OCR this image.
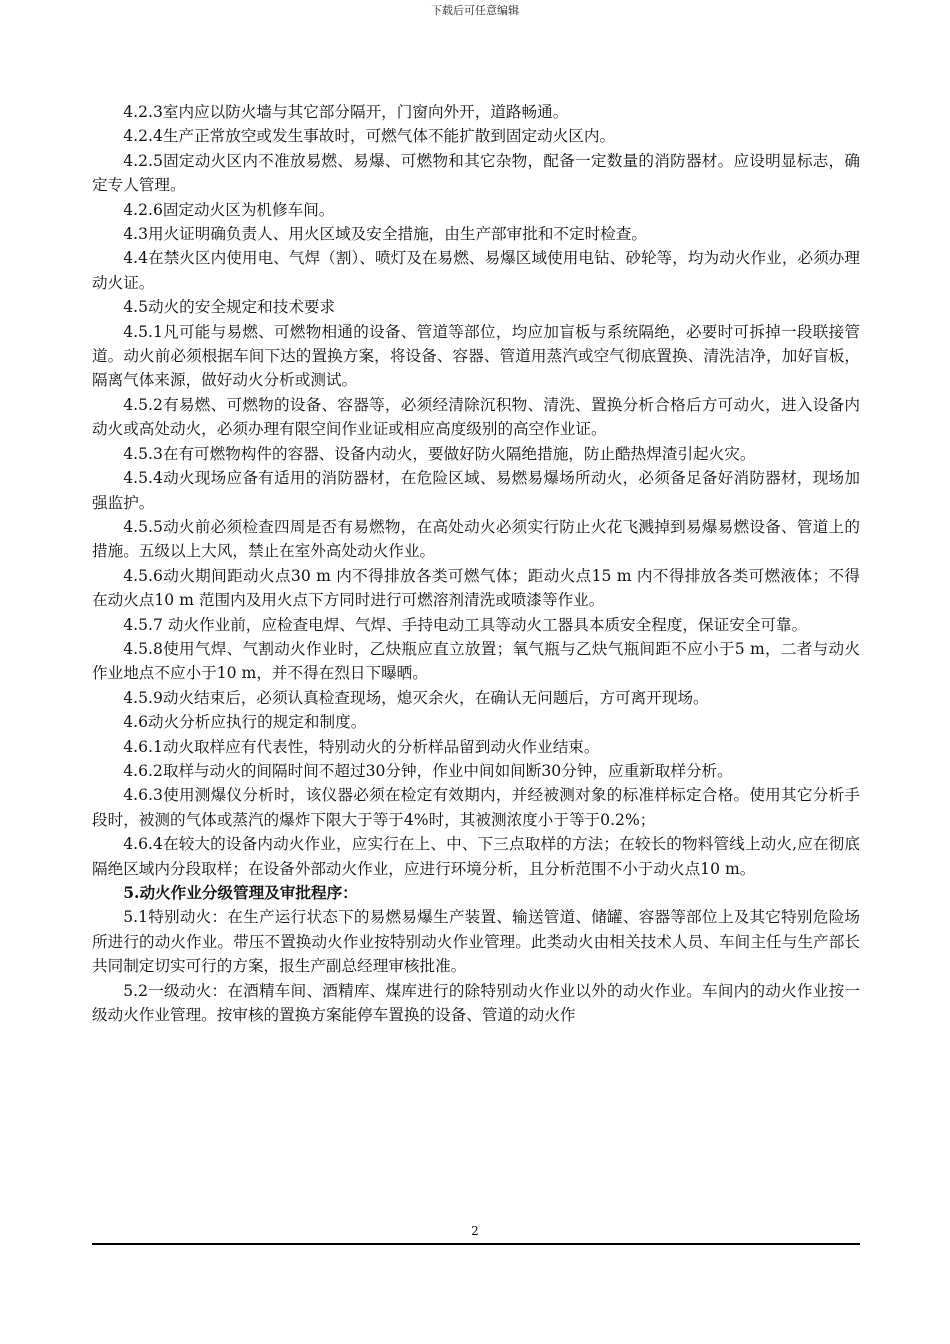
下载后可任意编辑

4.2.3室内应以防火墙与其它部分隔开，门窗向外开，道路畅通。

4.2.4生产正常放空或发生事故时，可燃气体不能扩散到固定动火区内。

4.2.5固定动火区内不准放易燃、易爆、可燃物和其它杂物，配备一定数量的消防器材。应设明显标志，确定专人管理。

4.2.6固定动火区为机修车间。

4.3用火证明确负责人、用火区域及安全措施，由生产部审批和不定时检查。

4.4在禁火区内使用电、气焊（割）、喷灯及在易燃、易爆区域使用电钻、砂轮等，均为动火作业，必须办理动火证。

4.5动火的安全规定和技术要求

4.5.1凡可能与易燃、可燃物相通的设备、管道等部位，均应加盲板与系统隔绝，必要时可拆掉一段联接管道。动火前必须根据车间下达的置换方案，将设备、容器、管道用蒸汽或空气彻底置换、清洗洁净，加好盲板，隔离气体来源，做好动火分析或测试。

4.5.2有易燃、可燃物的设备、容器等，必须经清除沉积物、清洗、置换分析合格后方可动火，进入设备内动火或高处动火，必须办理有限空间作业证或相应高度级别的高空作业证。

4.5.3在有可燃物构件的容器、设备内动火，要做好防火隔绝措施，防止酷热焊渣引起火灾。

4.5.4动火现场应备有适用的消防器材，在危险区域、易燃易爆场所动火，必须备足备好消防器材，现场加强监护。

4.5.5动火前必须检查四周是否有易燃物，在高处动火必须实行防止火花飞溅掉到易爆易燃设备、管道上的措施。五级以上大风，禁止在室外高处动火作业。

4.5.6动火期间距动火点30 m 内不得排放各类可燃气体；距动火点15 m 内不得排放各类可燃液体；不得在动火点10 m 范围内及用火点下方同时进行可燃溶剂清洗或喷漆等作业。

4.5.7 动火作业前，应检查电焊、气焊、手持电动工具等动火工器具本质安全程度，保证安全可靠。

4.5.8使用气焊、气割动火作业时，乙炔瓶应直立放置；氧气瓶与乙炔气瓶间距不应小于5 m，二者与动火作业地点不应小于10 m，并不得在烈日下曝晒。

4.5.9动火结束后，必须认真检查现场，熄灭余火，在确认无问题后，方可离开现场。

4.6动火分析应执行的规定和制度。

4.6.1动火取样应有代表性，特别动火的分析样品留到动火作业结束。

4.6.2取样与动火的间隔时间不超过30分钟，作业中间如间断30分钟，应重新取样分析。

4.6.3使用测爆仪分析时，该仪器必须在检定有效期内，并经被测对象的标准样标定合格。使用其它分析手段时，被测的气体或蒸汽的爆炸下限大于等于4%时，其被测浓度小于等于0.2%；

4.6.4在较大的设备内动火作业，应实行在上、中、下三点取样的方法；在较长的物料管线上动火,应在彻底隔绝区域内分段取样；在设备外部动火作业，应进行环境分析，且分析范围不小于动火点10 m。

5.动火作业分级管理及审批程序：

5.1特别动火：在生产运行状态下的易燃易爆生产装置、输送管道、储罐、容器等部位上及其它特别危险场所进行的动火作业。带压不置换动火作业按特别动火作业管理。此类动火由相关技术人员、车间主任与生产部长共同制定切实可行的方案，报生产副总经理审核批准。

5.2一级动火：在酒精车间、酒精库、煤库进行的除特别动火作业以外的动火作业。车间内的动火作业按一级动火作业管理。按审核的置换方案能停车置换的设备、管道的动火作

2
